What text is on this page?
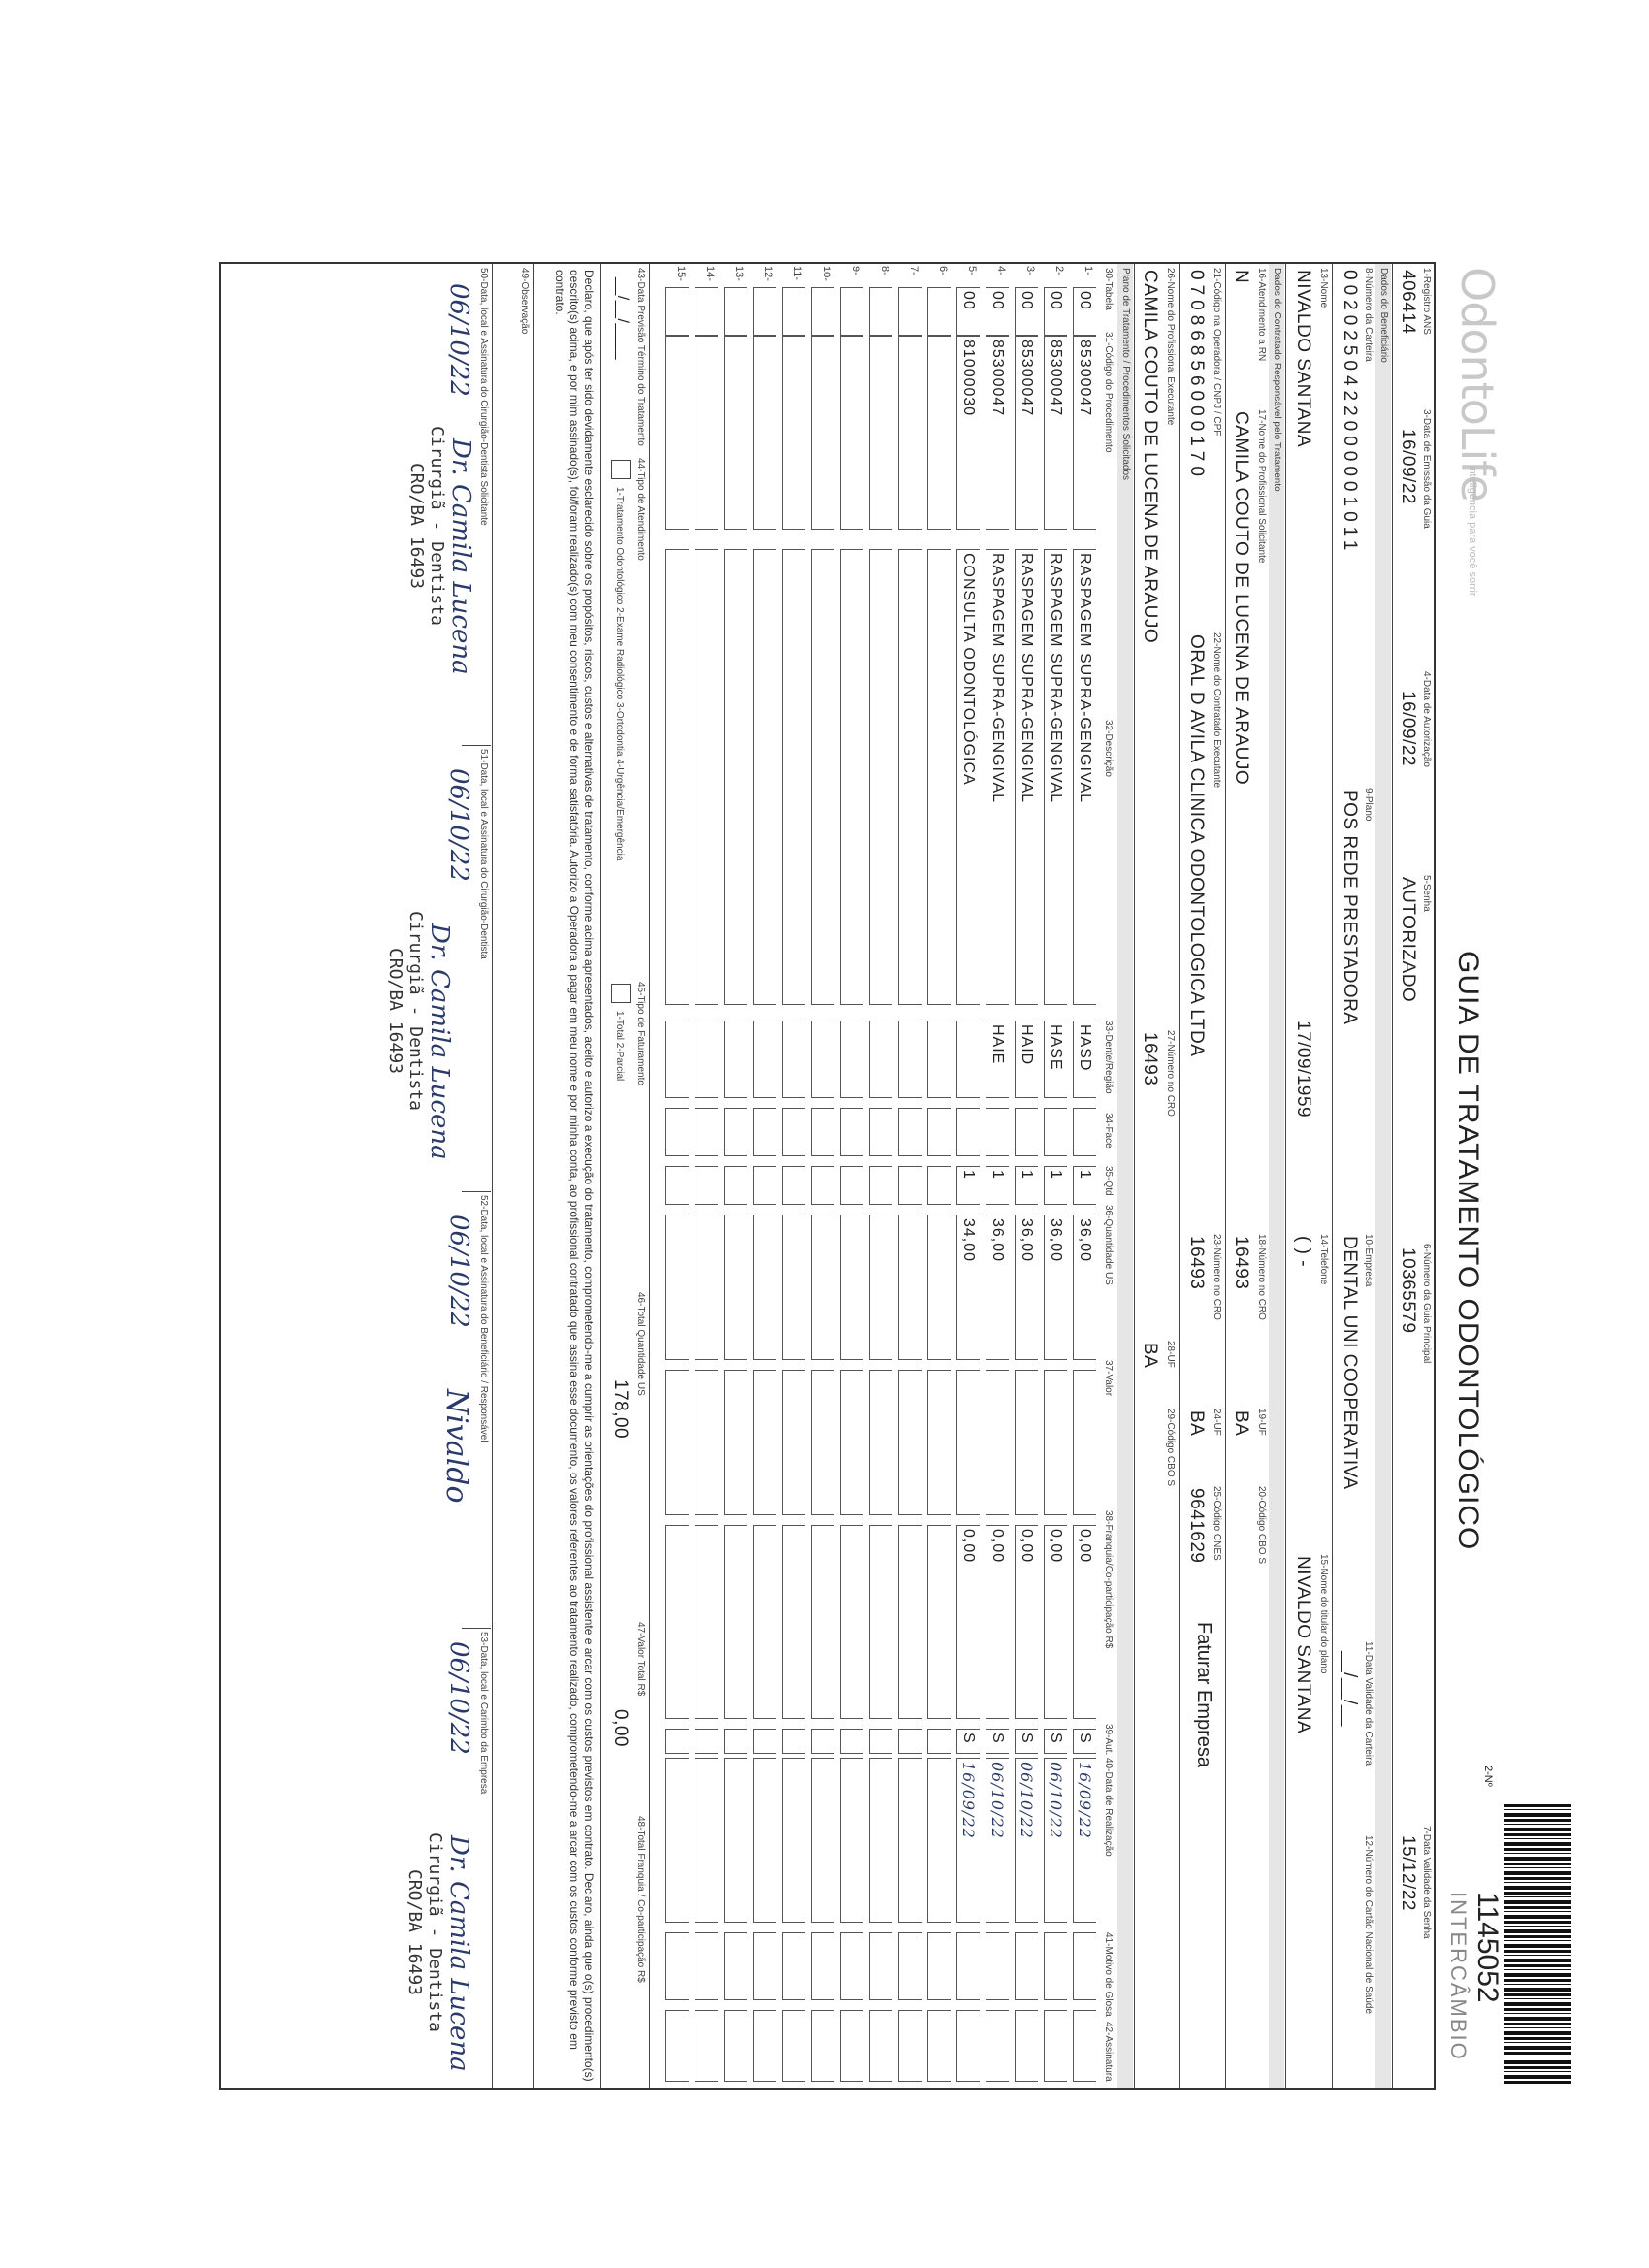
OdontoLife
inteligência para você sorrir
GUIA DE TRATAMENTO ODONTOLÓGICO
2-Nº
1145052
INTERCÂMBIO
1-Registro ANS
406414
3-Data de Emissão da Guia
16/09/22
4-Data de Autorização
16/09/22
5-Senha
AUTORIZADO
6-Número da Guia Principal
10365579
7-Data Validade da Senha
15/12/22
Dados do Beneficiário
8-Número da Carteira
0020250422000001011
9-Plano
POS REDE PRESTADORA
10-Empresa
DENTAL UNI COOPERATIVA
11-Data Validade da Carteira
__/__/__
12-Número do Cartão Nacional de Saúde
13-Nome
NIVALDO SANTANA
17/09/1959
14-Telefone
( ) -
15-Nome do titular do plano
NIVALDO SANTANA
Dados do Contratado Responsável pelo Tratamento
16-Atendimento a RN
N
17-Nome do Profissional Solicitante
CAMILA COUTO DE LUCENA DE ARAUJO
18-Número no CRO
16493
19-UF
BA
20-Código CBO S
21-Código na Operadora / CNPJ / CPF
07086856000170
22-Nome do Contratado Executante
ORAL D AVILA CLINICA ODONTOLOGICA LTDA
23-Número no CRO
16493
24-UF
BA
25-Código CNES
9641629
Faturar Empresa
26-Nome do Profissional Executante
CAMILA COUTO DE LUCENA DE ARAUJO
27-Número no CRO
16493
28-UF
BA
29-Código CBO S
Plano de Tratamento / Procedimentos Solicitados
30-Tabela
31-Código do Procedimento
32-Descrição
33-Dente/Região
34-Face
35-Qtd
36-Quantidade US
37-Valor
38-Franquia/Co-participação R$
39-Aut.
40-Data de Realização
41-Motivo de Glosa
42-Assinatura
1-
00
85300047
RASPAGEM SUPRA-GENGIVAL
HASD
1
36,00
0,00
S
16/09/22
2-
00
85300047
RASPAGEM SUPRA-GENGIVAL
HASE
1
36,00
0,00
S
06/10/22
3-
00
85300047
RASPAGEM SUPRA-GENGIVAL
HAID
1
36,00
0,00
S
06/10/22
4-
00
85300047
RASPAGEM SUPRA-GENGIVAL
HAIE
1
36,00
0,00
S
06/10/22
5-
00
81000030
CONSULTA ODONTOLÓGICA
1
34,00
0,00
S
16/09/22
6-
7-
8-
9-
10-
11-
12-
13-
14-
15-
43-Data Previsão Término do Tratamento
__/__/____
44-Tipo de Atendimento
1-Tratamento Odontológico 2-Exame Radiológico 3-Ortodontia 4-Urgência/Emergência
45-Tipo de Faturamento
1-Total 2-Parcial
46-Total Quantidade US
178,00
47-Valor Total R$
0,00
48-Total Franquia / Co-participação R$
Declaro, que após ter sido devidamente esclarecido sobre os propósitos, riscos, custos e alternativas de tratamento, conforme acima apresentados, aceito e autorizo a execução do tratamento, comprometendo-me a cumprir as orientações do profissional assistente e arcar com os custos previstos em contrato. Declaro, ainda que o(s) procedimento(s) descrito(s) acima, e por mim assinado(s), foi/foram realizado(s) com meu consentimento e de forma satisfatória. Autorizo a Operadora a pagar em meu nome e por minha conta, ao profissional contratado que assina esse documento, os valores referentes ao tratamento realizado, comprometendo-me a arcar com os custos conforme previsto em contrato.
49-Observação
50-Data, local e Assinatura do Cirurgião-Dentista Solicitante
51-Data, local e Assinatura do Cirurgião-Dentista
52-Data, local e Assinatura do Beneficiário / Responsável
53-Data, local e Carimbo da Empresa
06/10/22
Dr. Camila Lucena
Cirurgiã - Dentista
CRO/BA 16493
06/10/22
Dr. Camila Lucena
Cirurgiã - Dentista
CRO/BA 16493
06/10/22
Nivaldo
06/10/22
Dr. Camila Lucena
Cirurgiã - Dentista
CRO/BA 16493
